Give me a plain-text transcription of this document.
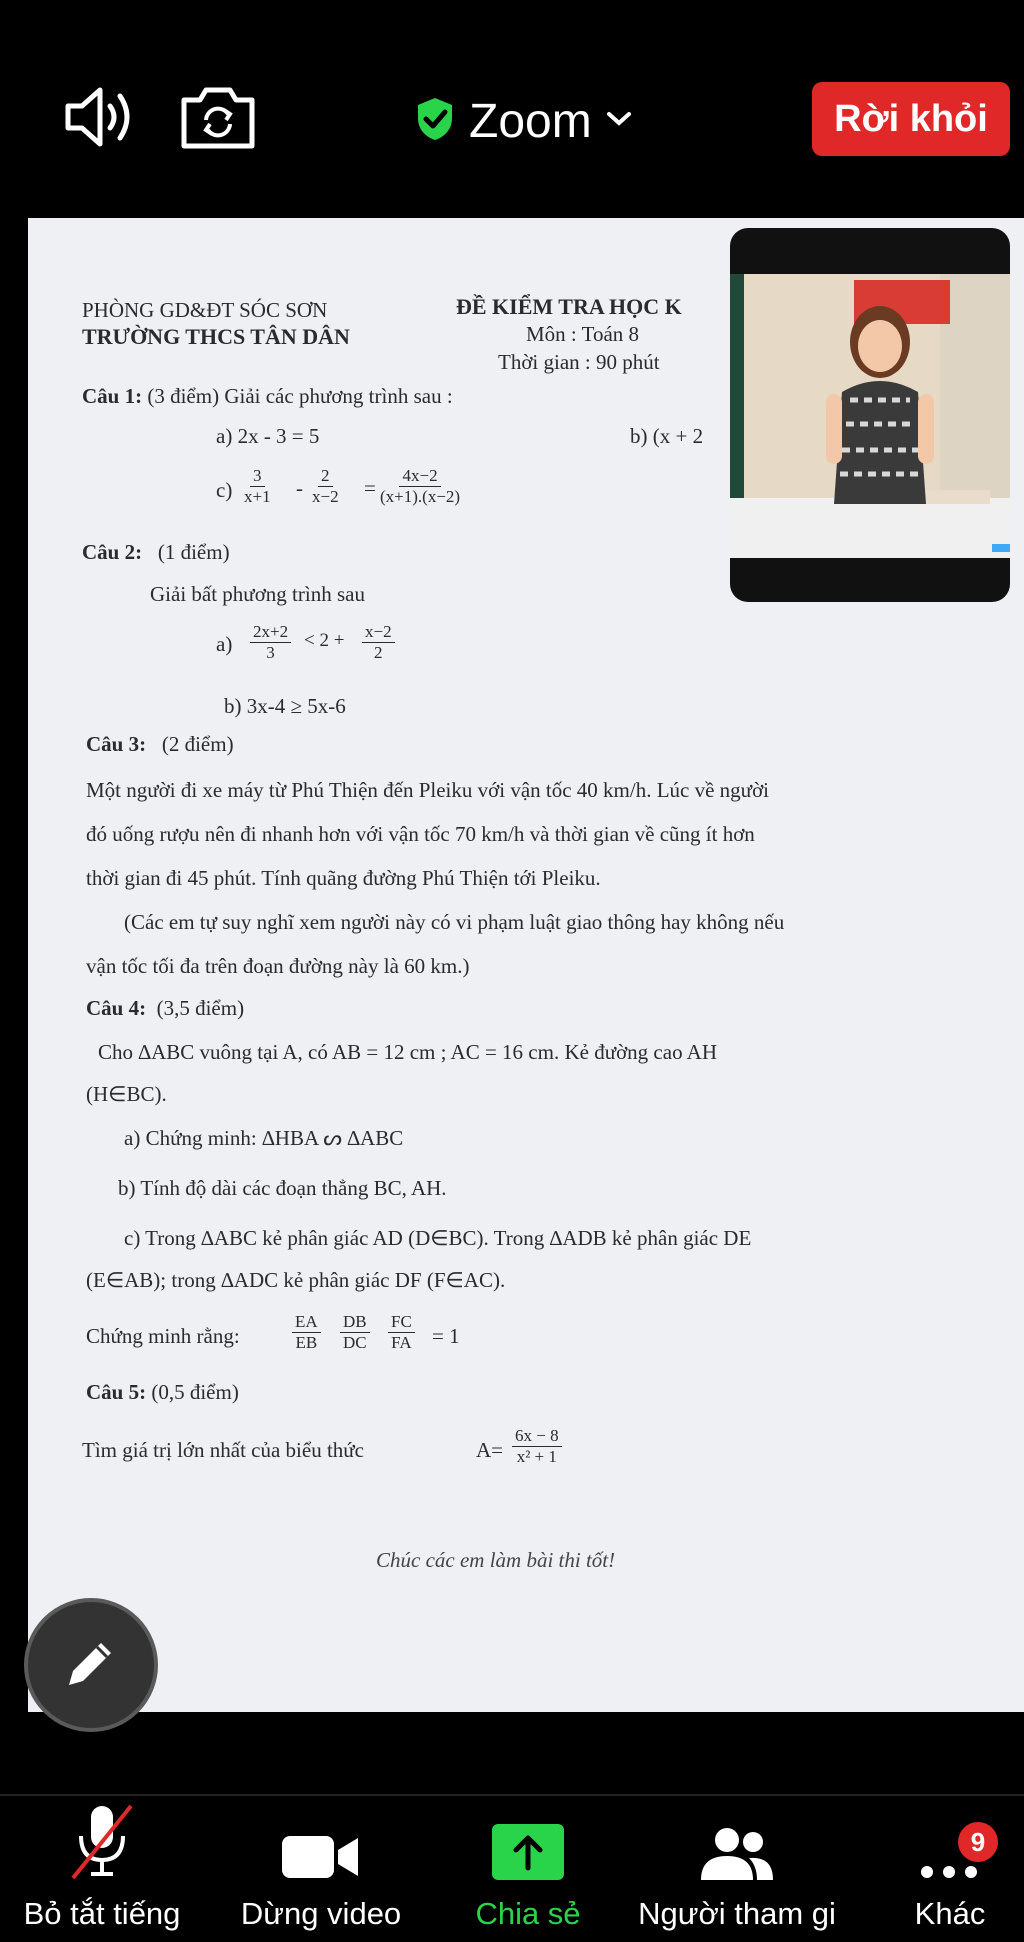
Zoom	Rời khỏi
PHÒNG GD&ĐT SÓC SƠN
TRƯỜNG THCS TÂN DÂN
ĐỀ KIỂM TRA HỌC K
Môn : Toán 8
Thời gian : 90 phút
Câu 1: (3 điểm) Giải các phương trình sau :
a) 2x - 3 = 5	b) (x + 2
$c) \frac{3}{x+1} - \frac{2}{x-2} = \frac{4x-2}{(x+1).(x-2)}$
Câu 2: (1 điểm)
Giải bất phương trình sau
$a) \frac{2x+2}{3} < 2 + \frac{x-2}{2}$
b) 3x-4 ≥ 5x-6
Câu 3: (2 điểm)
Một người đi xe máy từ Phú Thiện đến Pleiku với vận tốc 40 km/h. Lúc về người
đó uống rượu nên đi nhanh hơn với vận tốc 70 km/h và thời gian về cũng ít hơn
thời gian đi 45 phút. Tính quãng đường Phú Thiện tới Pleiku.
(Các em tự suy nghĩ xem người này có vi phạm luật giao thông hay không nếu
vận tốc tối đa trên đoạn đường này là 60 km.)
Câu 4: (3,5 điểm)
Cho ∆ABC vuông tại A, có AB = 12 cm ; AC = 16 cm. Kẻ đường cao AH
(H∈BC).
a) Chứng minh: ∆HBA ᔕ ∆ABC
b) Tính độ dài các đoạn thẳng BC, AH.
c) Trong ∆ABC kẻ phân giác AD (D∈BC). Trong ∆ADB kẻ phân giác DE
(E∈AB); trong ∆ADC kẻ phân giác DF (F∈AC).
Chứng minh rằng:	$\frac{EA}{EB} \frac{DB}{DC} \frac{FC}{FA} = 1$
Câu 5: (0,5 điểm)
Tìm giá trị lớn nhất của biểu thức	$A= \frac{6x - 8}{\text{x² + 1}}$
Chúc các em làm bài thi tốt!
Bỏ tắt tiếng Dừng video Chia sẻ Người tham gi
9
Khác
